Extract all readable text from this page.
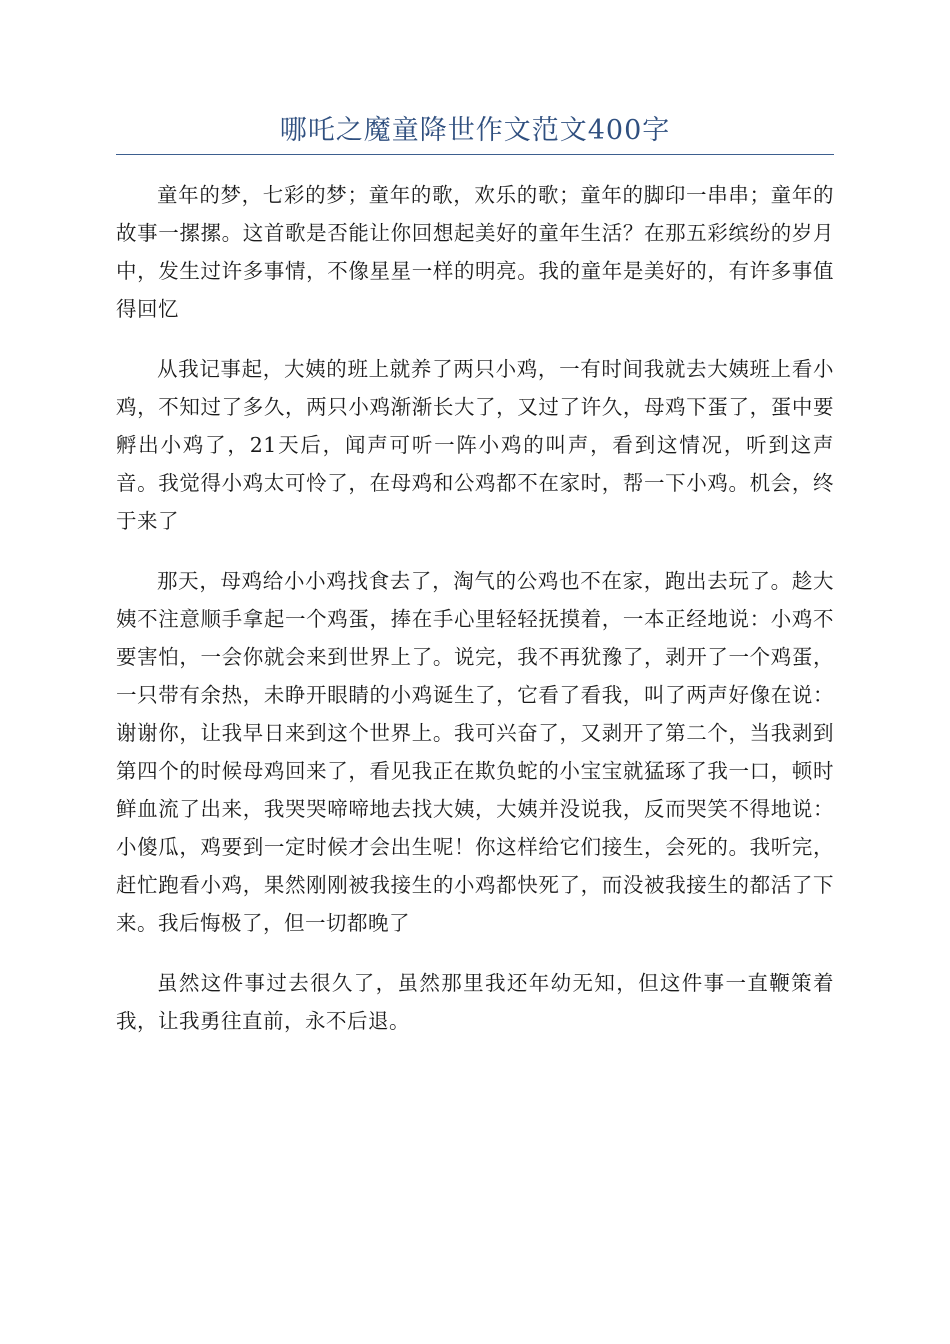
哪吒之魔童降世作文范文400字

童年的梦，七彩的梦；童年的歌，欢乐的歌；童年的脚印一串串；童年的故事一摞摞。这首歌是否能让你回想起美好的童年生活？在那五彩缤纷的岁月中，发生过许多事情，不像星星一样的明亮。我的童年是美好的，有许多事值得回忆

从我记事起，大姨的班上就养了两只小鸡，一有时间我就去大姨班上看小鸡，不知过了多久，两只小鸡渐渐长大了，又过了许久，母鸡下蛋了，蛋中要孵出小鸡了，21天后，闻声可听一阵小鸡的叫声，看到这情况，听到这声音。我觉得小鸡太可怜了，在母鸡和公鸡都不在家时，帮一下小鸡。机会，终于来了

那天，母鸡给小小鸡找食去了，淘气的公鸡也不在家，跑出去玩了。趁大姨不注意顺手拿起一个鸡蛋，捧在手心里轻轻抚摸着，一本正经地说：小鸡不要害怕，一会你就会来到世界上了。说完，我不再犹豫了，剥开了一个鸡蛋，一只带有余热，未睁开眼睛的小鸡诞生了，它看了看我，叫了两声好像在说：谢谢你，让我早日来到这个世界上。我可兴奋了，又剥开了第二个，当我剥到第四个的时候母鸡回来了，看见我正在欺负蛇的小宝宝就猛琢了我一口，顿时鲜血流了出来，我哭哭啼啼地去找大姨，大姨并没说我，反而哭笑不得地说：小傻瓜，鸡要到一定时候才会出生呢！你这样给它们接生，会死的。我听完，赶忙跑看小鸡，果然刚刚被我接生的小鸡都快死了，而没被我接生的都活了下来。我后悔极了，但一切都晚了

虽然这件事过去很久了，虽然那里我还年幼无知，但这件事一直鞭策着我，让我勇往直前，永不后退。
